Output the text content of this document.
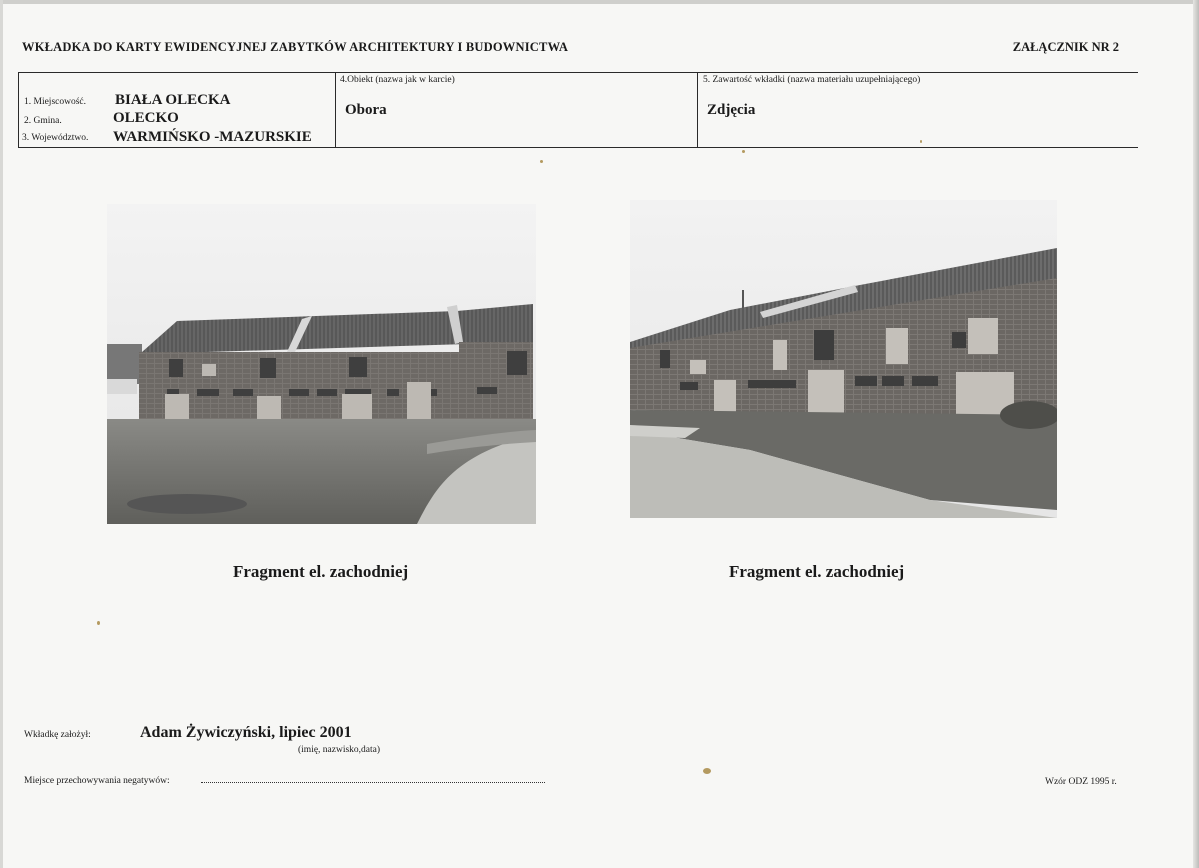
WKŁADKA DO KARTY EWIDENCYJNEJ ZABYTKÓW ARCHITEKTURY I BUDOWNICTWA	ZAŁĄCZNIK NR 2
1. Miejscowość. BIAŁA OLECKA
2. Gmina.	OLECKO
3. Województwo. WARMIŃSKO -MAZURSKIE
4.Obiekt (nazwa jak w karcie)
Obora
5. Zawartość wkładki (nazwa materiału uzupełniającego)
Zdjęcia
Fragment el. zachodniej	Fragment el. zachodniej
Wkładkę założył:	Adam Żywiczyński, lipiec 2001
(imię, nazwisko,data)
Miejsce przechowywania negatywów:	Wzór ODZ 1995 r.
